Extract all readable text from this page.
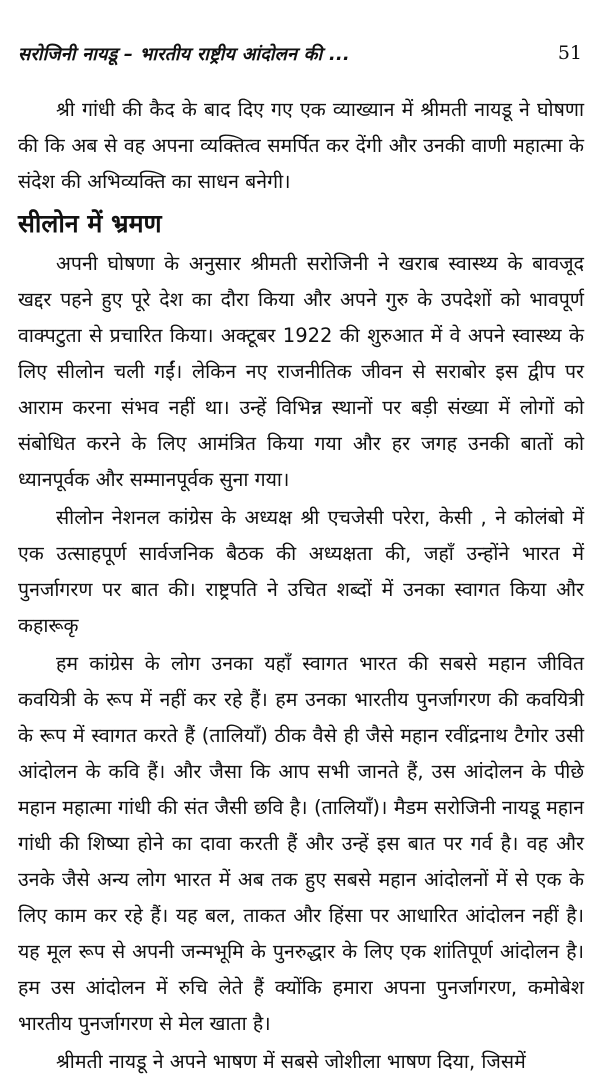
सरोजिनी नायडू – भारतीय राष्ट्रीय आंदोलन की ...	51

श्री गांधी की कैद के बाद दिए गए एक व्याख्यान में श्रीमती नायडू ने घोषणा की कि अब से वह अपना व्यक्तित्व समर्पित कर देंगी और उनकी वाणी महात्मा के संदेश की अभिव्यक्ति का साधन बनेगी।

सीलोन में भ्रमण

अपनी घोषणा के अनुसार श्रीमती सरोजिनी ने खराब स्वास्थ्य के बावजूद खद्दर पहने हुए पूरे देश का दौरा किया और अपने गुरु के उपदेशों को भावपूर्ण वाक्पटुता से प्रचारित किया। अक्टूबर 1922 की शुरुआत में वे अपने स्वास्थ्य के लिए सीलोन चली गईं। लेकिन नए राजनीतिक जीवन से सराबोर इस द्वीप पर आराम करना संभव नहीं था। उन्हें विभिन्न स्थानों पर बड़ी संख्या में लोगों को संबोधित करने के लिए आमंत्रित किया गया और हर जगह उनकी बातों को ध्यानपूर्वक और सम्मानपूर्वक सुना गया।

सीलोन नेशनल कांग्रेस के अध्यक्ष श्री एचजेसी परेरा, केसी , ने कोलंबो में एक उत्साहपूर्ण सार्वजनिक बैठक की अध्यक्षता की, जहाँ उन्होंने भारत में पुनर्जागरण पर बात की। राष्ट्रपति ने उचित शब्दों में उनका स्वागत किया और कहारूकृ

हम कांग्रेस के लोग उनका यहाँ स्वागत भारत की सबसे महान जीवित कवयित्री के रूप में नहीं कर रहे हैं। हम उनका भारतीय पुनर्जागरण की कवयित्री के रूप में स्वागत करते हैं (तालियाँ) ठीक वैसे ही जैसे महान रवींद्रनाथ टैगोर उसी आंदोलन के कवि हैं। और जैसा कि आप सभी जानते हैं, उस आंदोलन के पीछे महान महात्मा गांधी की संत जैसी छवि है। (तालियाँ)। मैडम सरोजिनी नायडू महान गांधी की शिष्या होने का दावा करती हैं और उन्हें इस बात पर गर्व है। वह और उनके जैसे अन्य लोग भारत में अब तक हुए सबसे महान आंदोलनों में से एक के लिए काम कर रहे हैं। यह बल, ताकत और हिंसा पर आधारित आंदोलन नहीं है। यह मूल रूप से अपनी जन्मभूमि के पुनरुद्धार के लिए एक शांतिपूर्ण आंदोलन है। हम उस आंदोलन में रुचि लेते हैं क्योंकि हमारा अपना पुनर्जागरण, कमोबेश भारतीय पुनर्जागरण से मेल खाता है।

श्रीमती नायडू ने अपने भाषण में सबसे जोशीला भाषण दिया, जिसमें
